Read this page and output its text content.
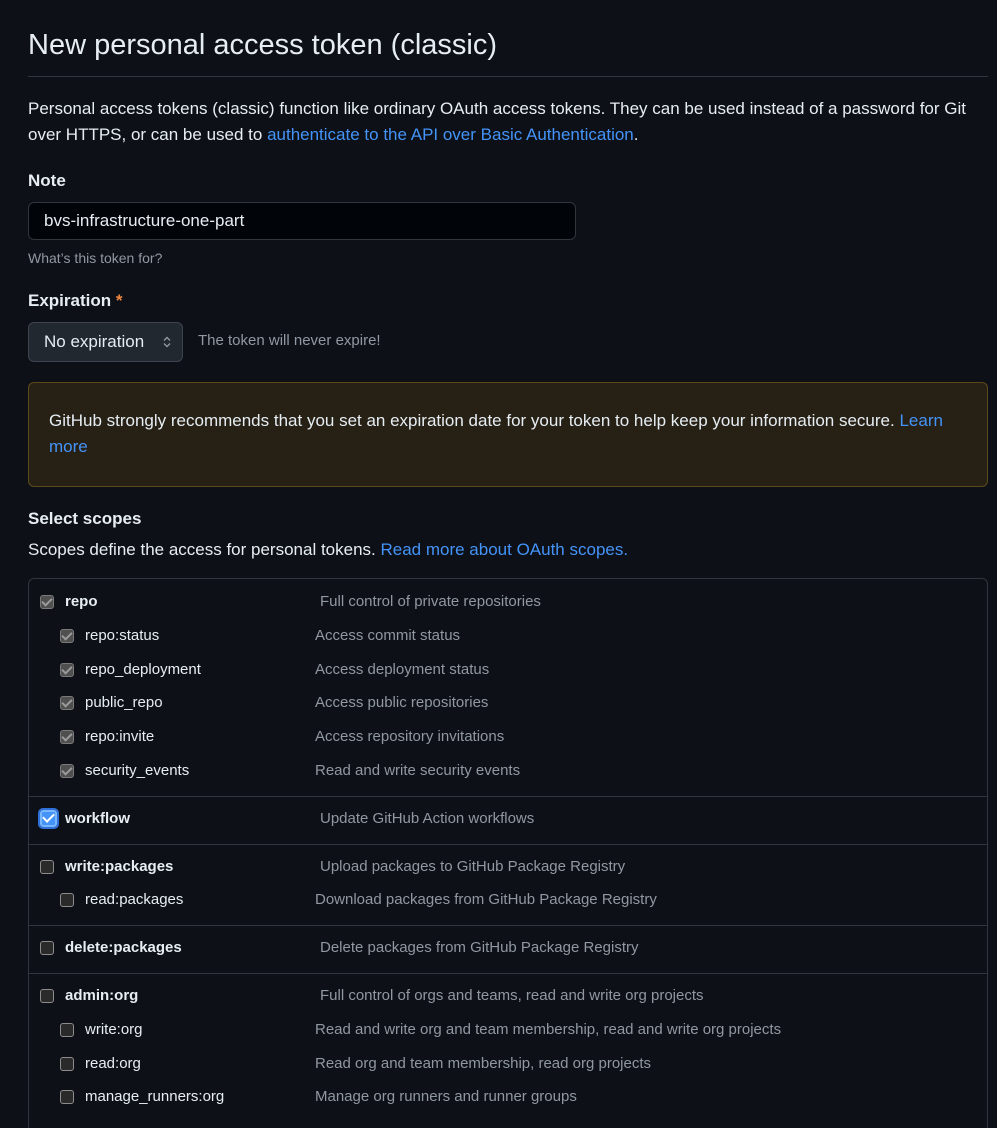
New personal access token (classic)

Personal access tokens (classic) function like ordinary OAuth access tokens. They can be used instead of a password for Git over HTTPS, or can be used to authenticate to the API over Basic Authentication.

Note
bvs-infrastructure-one-part
What’s this token for?
Expiration *
No expiration	The token will never expire!
GitHub strongly recommends that you set an expiration date for your token to help keep your information secure. Learn more
Select scopes
Scopes define the access for personal tokens. Read more about OAuth scopes.
repo	Full control of private repositories
repo:status	Access commit status
repo_deployment	Access deployment status
public_repo	Access public repositories
repo:invite	Access repository invitations
security_events	Read and write security events
workflow	Update GitHub Action workflows
write:packages	Upload packages to GitHub Package Registry
read:packages	Download packages from GitHub Package Registry
delete:packages	Delete packages from GitHub Package Registry
admin:org	Full control of orgs and teams, read and write org projects
write:org	Read and write org and team membership, read and write org projects
read:org	Read org and team membership, read org projects
manage_runners:org	Manage org runners and runner groups
